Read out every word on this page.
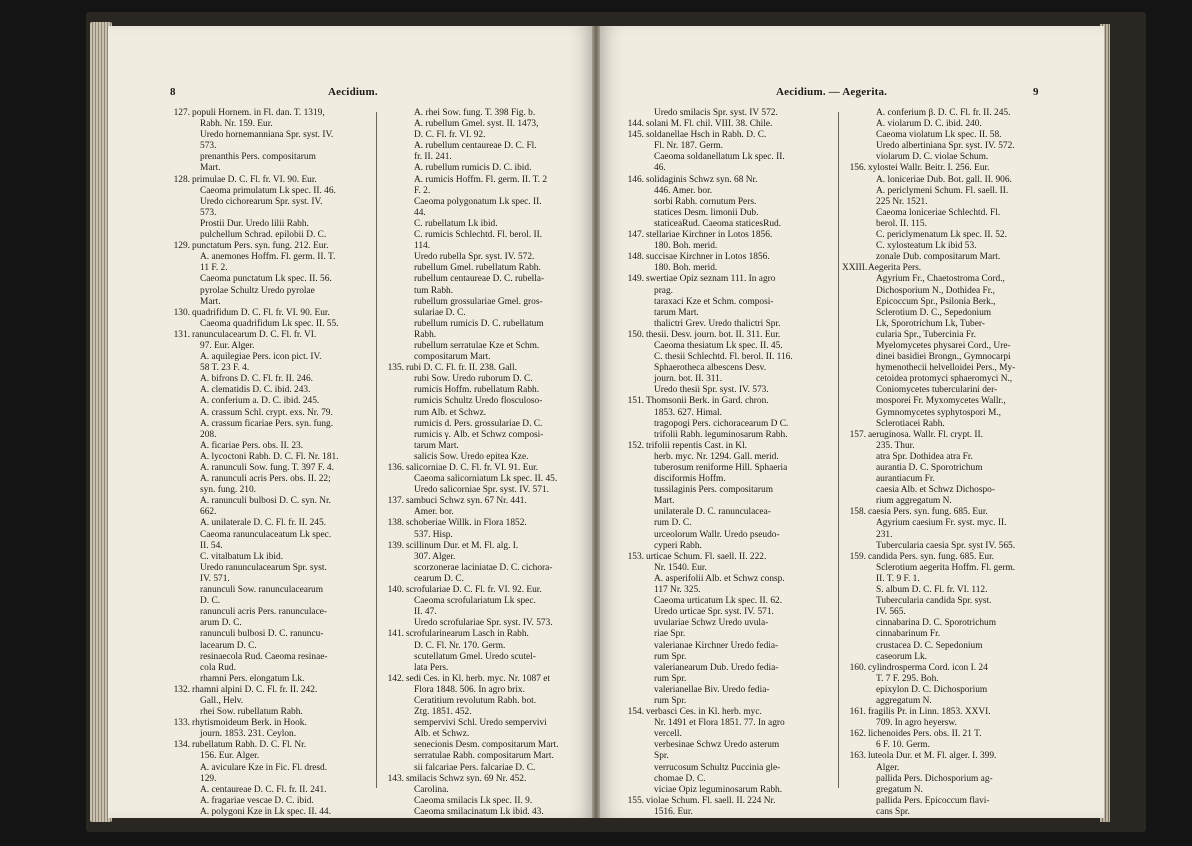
8	Aecidium.
127. populi Hornem. in Fl. dan. T. 1319,
Rabh. Nr. 159. Eur.
Uredo hornemanniana Spr. syst. IV.
573.
prenanthis Pers. compositarum
Mart.
128. primulae D. C. Fl. fr. VI. 90. Eur.
Caeoma primulatum Lk spec. II. 46.
Uredo cichorearum Spr. syst. IV.
573.
Prostii Dur. Uredo lilii Rabh.
pulchellum Schrad. epilobii D. C.
129. punctatum Pers. syn. fung. 212. Eur.
A. anemones Hoffm. Fl. germ. II. T.
11 F. 2.
Caeoma punctatum Lk spec. II. 56.
pyrolae Schultz Uredo pyrolae
Mart.
130. quadrifidum D. C. Fl. fr. VI. 90. Eur.
Caeoma quadrifidum Lk spec. II. 55.
131. ranunculacearum D. C. Fl. fr. VI.
97. Eur. Alger.
A. aquilegiae Pers. icon pict. IV.
58 T. 23 F. 4.
A. bifrons D. C. Fl. fr. II. 246.
A. clematidis D. C. ibid. 243.
A. conferium a. D. C. ibid. 245.
A. crassum Schl. crypt. exs. Nr. 79.
A. crassum ficariae Pers. syn. fung.
208.
A. ficariae Pers. obs. II. 23.
A. lycoctoni Rabh. D. C. Fl. Nr. 181.
A. ranunculi Sow. fung. T. 397 F. 4.
A. ranunculi acris Pers. obs. II. 22;
syn. fung. 210.
A. ranunculi bulbosi D. C. syn. Nr.
662.
A. unilaterale D. C. Fl. fr. II. 245.
Caeoma ranunculaceatum Lk spec.
II. 54.
C. vitalbatum Lk ibid.
Uredo ranunculacearum Spr. syst.
IV. 571.
ranunculi Sow. ranunculacearum
D. C.
ranunculi acris Pers. ranunculace-
arum D. C.
ranunculi bulbosi D. C. ranuncu-
lacearum D. C.
resinaecola Rud. Caeoma resinae-
cola Rud.
rhamni Pers. elongatum Lk.
132. rhamni alpini D. C. Fl. fr. II. 242.
Gall., Helv.
rhei Sow. rubellatum Rabh.
133. rhytismoideum Berk. in Hook.
journ. 1853. 231. Ceylon.
134. rubellatum Rabh. D. C. Fl. Nr.
156. Eur. Alger.
A. aviculare Kze in Fic. Fl. dresd.
129.
A. centaureae D. C. Fl. fr. II. 241.
A. fragariae vescae D. C. ibid.
A. polygoni Kze in Lk spec. II. 44.
A. rhei Sow. fung. T. 398 Fig. b.
A. rubellum Gmel. syst. II. 1473,
D. C. Fl. fr. VI. 92.
A. rubellum centaureae D. C. Fl.
fr. II. 241.
A. rubellum rumicis D. C. ibid.
A. rumicis Hoffm. Fl. germ. II. T. 2
F. 2.
Caeoma polygonatum Lk spec. II.
44.
C. rubellatum Lk ibid.
C. rumicis Schlechtd. Fl. berol. II.
114.
Uredo rubella Spr. syst. IV. 572.
rubellum Gmel. rubellatum Rabh.
rubellum centaureae D. C. rubella-
tum Rabh.
rubellum grossulariae Gmel. gros-
sulariae D. C.
rubellum rumicis D. C. rubellatum
Rabh.
rubellum serratulae Kze et Schm.
compositarum Mart.
135. rubi D. C. Fl. fr. II. 238. Gall.
rubi Sow. Uredo ruborum D. C.
rumicis Hoffm. rubellatum Rabh.
rumicis Schultz Uredo flosculoso-
rum Alb. et Schwz.
rumicis d. Pers. grossulariae D. C.
rumicis γ. Alb. et Schwz composi-
tarum Mart.
salicis Sow. Uredo epitea Kze.
136. salicorniae D. C. Fl. fr. VI. 91. Eur.
Caeoma salicorniatum Lk spec. II. 45.
Uredo salicorniae Spr. syst. IV. 571.
137. sambuci Schwz syn. 67 Nr. 441.
Amer. bor.
138. schoberiae Willk. in Flora 1852.
537. Hisp.
139. scillinum Dur. et M. Fl. alg. I.
307. Alger.
scorzonerae laciniatae D. C. cichora-
cearum D. C.
140. scrofulariae D. C. Fl. fr. VI. 92. Eur.
Caeoma scrofulariatum Lk spec.
II. 47.
Uredo scrofulariae Spr. syst. IV. 573.
141. scrofularinearum Lasch in Rabh.
D. C. Fl. Nr. 170. Germ.
scutellatum Gmel. Uredo scutel-
lata Pers.
142. sedi Ces. in Kl. herb. myc. Nr. 1087 et
Flora 1848. 506. In agro brix.
Ceratitium revolutum Rabh. bot.
Ztg. 1851. 452.
sempervivi Schl. Uredo sempervivi
Alb. et Schwz.
senecionis Desm. compositarum Mart.
serratulae Rabh. compositarum Mart.
sii falcariae Pers. falcariae D. C.
143. smilacis Schwz syn. 69 Nr. 452.
Carolina.
Caeoma smilacis Lk spec. II. 9.
Caeoma smilacinatum Lk ibid. 43.
Aecidium. — Aegerita.	9
Uredo smilacis Spr. syst. IV 572.
144. solani M. Fl. chil. VIII. 38. Chile.
145. soldanellae Hsch in Rabh. D. C.
Fl. Nr. 187. Germ.
Caeoma soldanellatum Lk spec. II.
46.
146. solidaginis Schwz syn. 68 Nr.
446. Amer. bor.
sorbi Rabh. cornutum Pers.
statices Desm. limonii Dub.
staticeaRud. Caeoma staticesRud.
147. stellariae Kirchner in Lotos 1856.
180. Boh. merid.
148. succisae Kirchner in Lotos 1856.
180. Boh. merid.
149. swertiae Opiz seznam 111. In agro
prag.
taraxaci Kze et Schm. composi-
tarum Mart.
thalictri Grev. Uredo thalictri Spr.
150. thesii. Desv. journ. bot. II. 311. Eur.
Caeoma thesiatum Lk spec. II. 45.
C. thesii Schlechtd. Fl. berol. II. 116.
Sphaerotheca albescens Desv.
journ. bot. II. 311.
Uredo thesii Spr. syst. IV. 573.
151. Thomsonii Berk. in Gard. chron.
1853. 627. Himal.
tragopogi Pers. cichoracearum D C.
trifolii Rabh. leguminosarum Rabh.
152. trifolii repentis Cast. in Kl.
herb. myc. Nr. 1294. Gall. merid.
tuberosum reniforme Hill. Sphaeria
disciformis Hoffm.
tussilaginis Pers. compositarum
Mart.
unilaterale D. C. ranunculacea-
rum D. C.
urceolorum Wallr. Uredo pseudo-
cyperi Rabh.
153. urticae Schum. Fl. saell. II. 222.
Nr. 1540. Eur.
A. asperifolii Alb. et Schwz consp.
117 Nr. 325.
Caeoma urticatum Lk spec. II. 62.
Uredo urticae Spr. syst. IV. 571.
uvulariae Schwz Uredo uvula-
riae Spr.
valerianae Kirchner Uredo fedia-
rum Spr.
valerianearum Dub. Uredo fedia-
rum Spr.
valerianellae Biv. Uredo fedia-
rum Spr.
154. verbasci Ces. in Kl. herb. myc.
Nr. 1491 et Flora 1851. 77. In agro
vercell.
verbesinae Schwz Uredo asterum
Spr.
verrucosum Schultz Puccinia gle-
chomae D. C.
viciae Opiz leguminosarum Rabh.
155. violae Schum. Fl. saell. II. 224 Nr.
1516. Eur.
A. conferium β. D. C. Fl. fr. II. 245.
A. violarum D. C. ibid. 240.
Caeoma violatum Lk spec. II. 58.
Uredo albertiniana Spr. syst. IV. 572.
violarum D. C. violae Schum.
156. xylostei Wallr. Beitr. I. 256. Eur.
A. loniceriae Dub. Bot. gall. II. 906.
A. periclymeni Schum. Fl. saell. II.
225 Nr. 1521.
Caeoma loniceriae Schlechtd. Fl.
berol. II. 115.
C. periclymenatum Lk spec. II. 52.
C. xylosteatum Lk ibid 53.
zonale Dub. compositarum Mart.
XXIII. Aegerita Pers.
Agyrium Fr., Chaetostroma Cord.,
Dichosporium N., Dothidea Fr.,
Epicoccum Spr., Psilonia Berk.,
Sclerotium D. C., Sepedonium
Lk, Sporotrichum Lk, Tuber-
cularia Spr., Tubercinia Fr.
Myelomycetes physarei Cord., Ure-
dinei basidiei Brongn., Gymnocarpi
hymenothecii helvelloidei Pers., My-
cetoidea protomyci sphaeromyci N.,
Coniomycetes tubercularini der-
mosporei Fr. Myxomycetes Wallr.,
Gymnomycetes syphytospori M.,
Sclerotiacei Rabh.
157. aeruginosa. Wallr. Fl. crypt. II.
235. Thur.
atra Spr. Dothidea atra Fr.
aurantia D. C. Sporotrichum
aurantiacum Fr.
caesia Alb. et Schwz Dichospo-
rium aggregatum N.
158. caesia Pers. syn. fung. 685. Eur.
Agyrium caesium Fr. syst. myc. II.
231.
Tubercularia caesia Spr. syst IV. 565.
159. candida Pers. syn. fung. 685. Eur.
Sclerotium aegerita Hoffm. Fl. germ.
II. T. 9 F. 1.
S. album D. C. Fl. fr. VI. 112.
Tubercularia candida Spr. syst.
IV. 565.
cinnabarina D. C. Sporotrichum
cinnabarinum Fr.
crustacea D. C. Sepedonium
caseorum Lk.
160. cylindrosperma Cord. icon I. 24
T. 7 F. 295. Boh.
epixylon D. C. Dichosporium
aggregatum N.
161. fragilis Pr. in Linn. 1853. XXVI.
709. In agro heyersw.
162. lichenoides Pers. obs. II. 21 T.
6 F. 10. Germ.
163. luteola Dur. et M. Fl. alger. I. 399.
Alger.
pallida Pers. Dichosporium ag-
gregatum N.
pallida Pers. Epicoccum flavi-
cans Spr.
